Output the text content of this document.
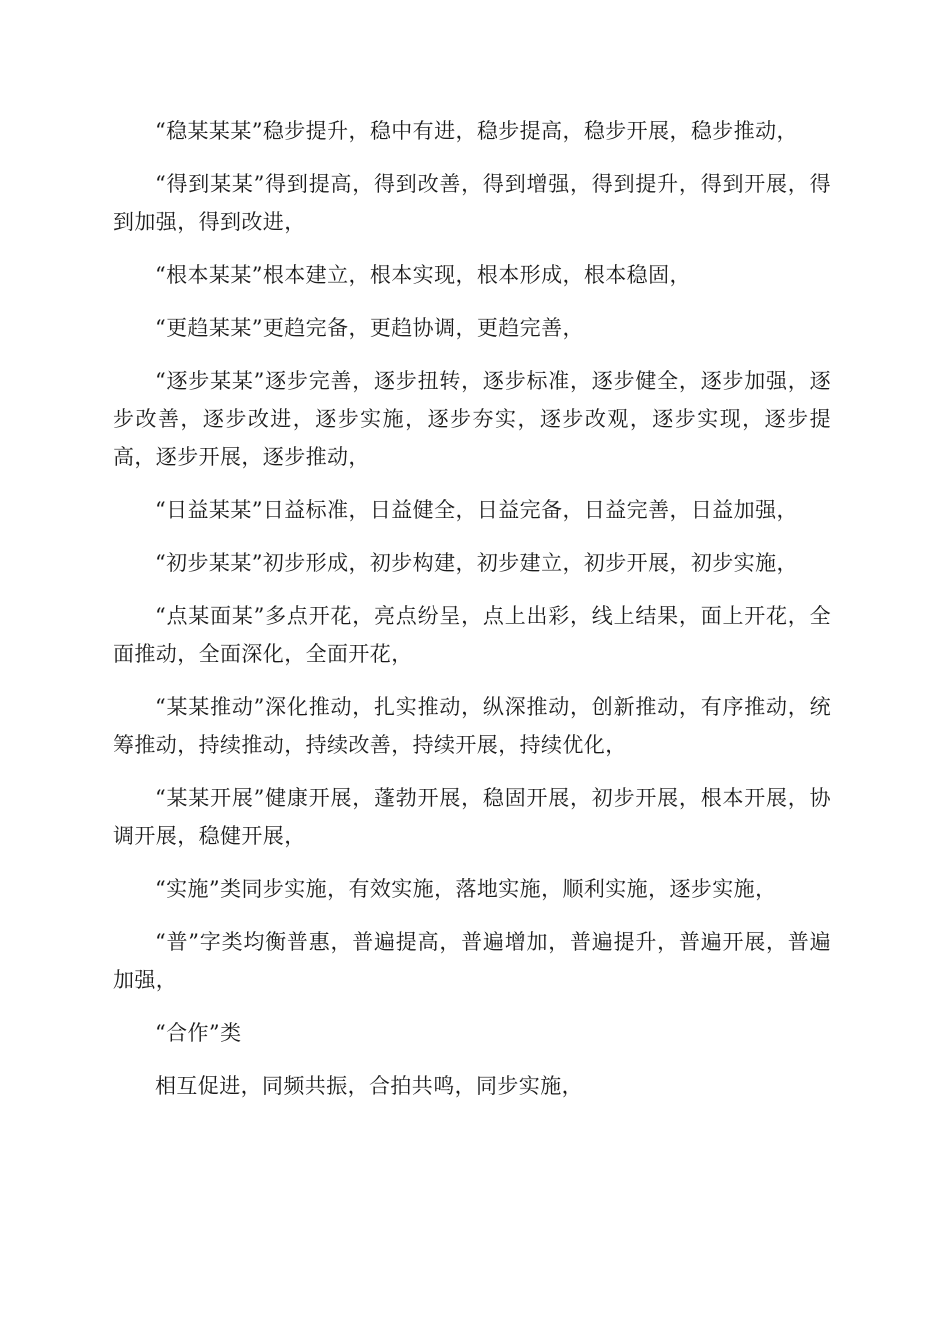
“稳某某某”稳步提升，稳中有进，稳步提高，稳步开展，稳步推动，

“得到某某”得到提高，得到改善，得到增强，得到提升，得到开展，得到加强，得到改进，

“根本某某”根本建立，根本实现，根本形成，根本稳固，

“更趋某某”更趋完备，更趋协调，更趋完善，

“逐步某某”逐步完善，逐步扭转，逐步标准，逐步健全，逐步加强，逐步改善，逐步改进，逐步实施，逐步夯实，逐步改观，逐步实现，逐步提高，逐步开展，逐步推动，

“日益某某”日益标准，日益健全，日益完备，日益完善，日益加强，

“初步某某”初步形成，初步构建，初步建立，初步开展，初步实施，

“点某面某”多点开花，亮点纷呈，点上出彩，线上结果，面上开花，全面推动，全面深化，全面开花，

“某某推动”深化推动，扎实推动，纵深推动，创新推动，有序推动，统筹推动，持续推动，持续改善，持续开展，持续优化，

“某某开展”健康开展，蓬勃开展，稳固开展，初步开展，根本开展，协调开展，稳健开展，

“实施”类同步实施，有效实施，落地实施，顺利实施，逐步实施，

“普”字类均衡普惠，普遍提高，普遍增加，普遍提升，普遍开展，普遍加强，

“合作”类

相互促进，同频共振，合拍共鸣，同步实施，
